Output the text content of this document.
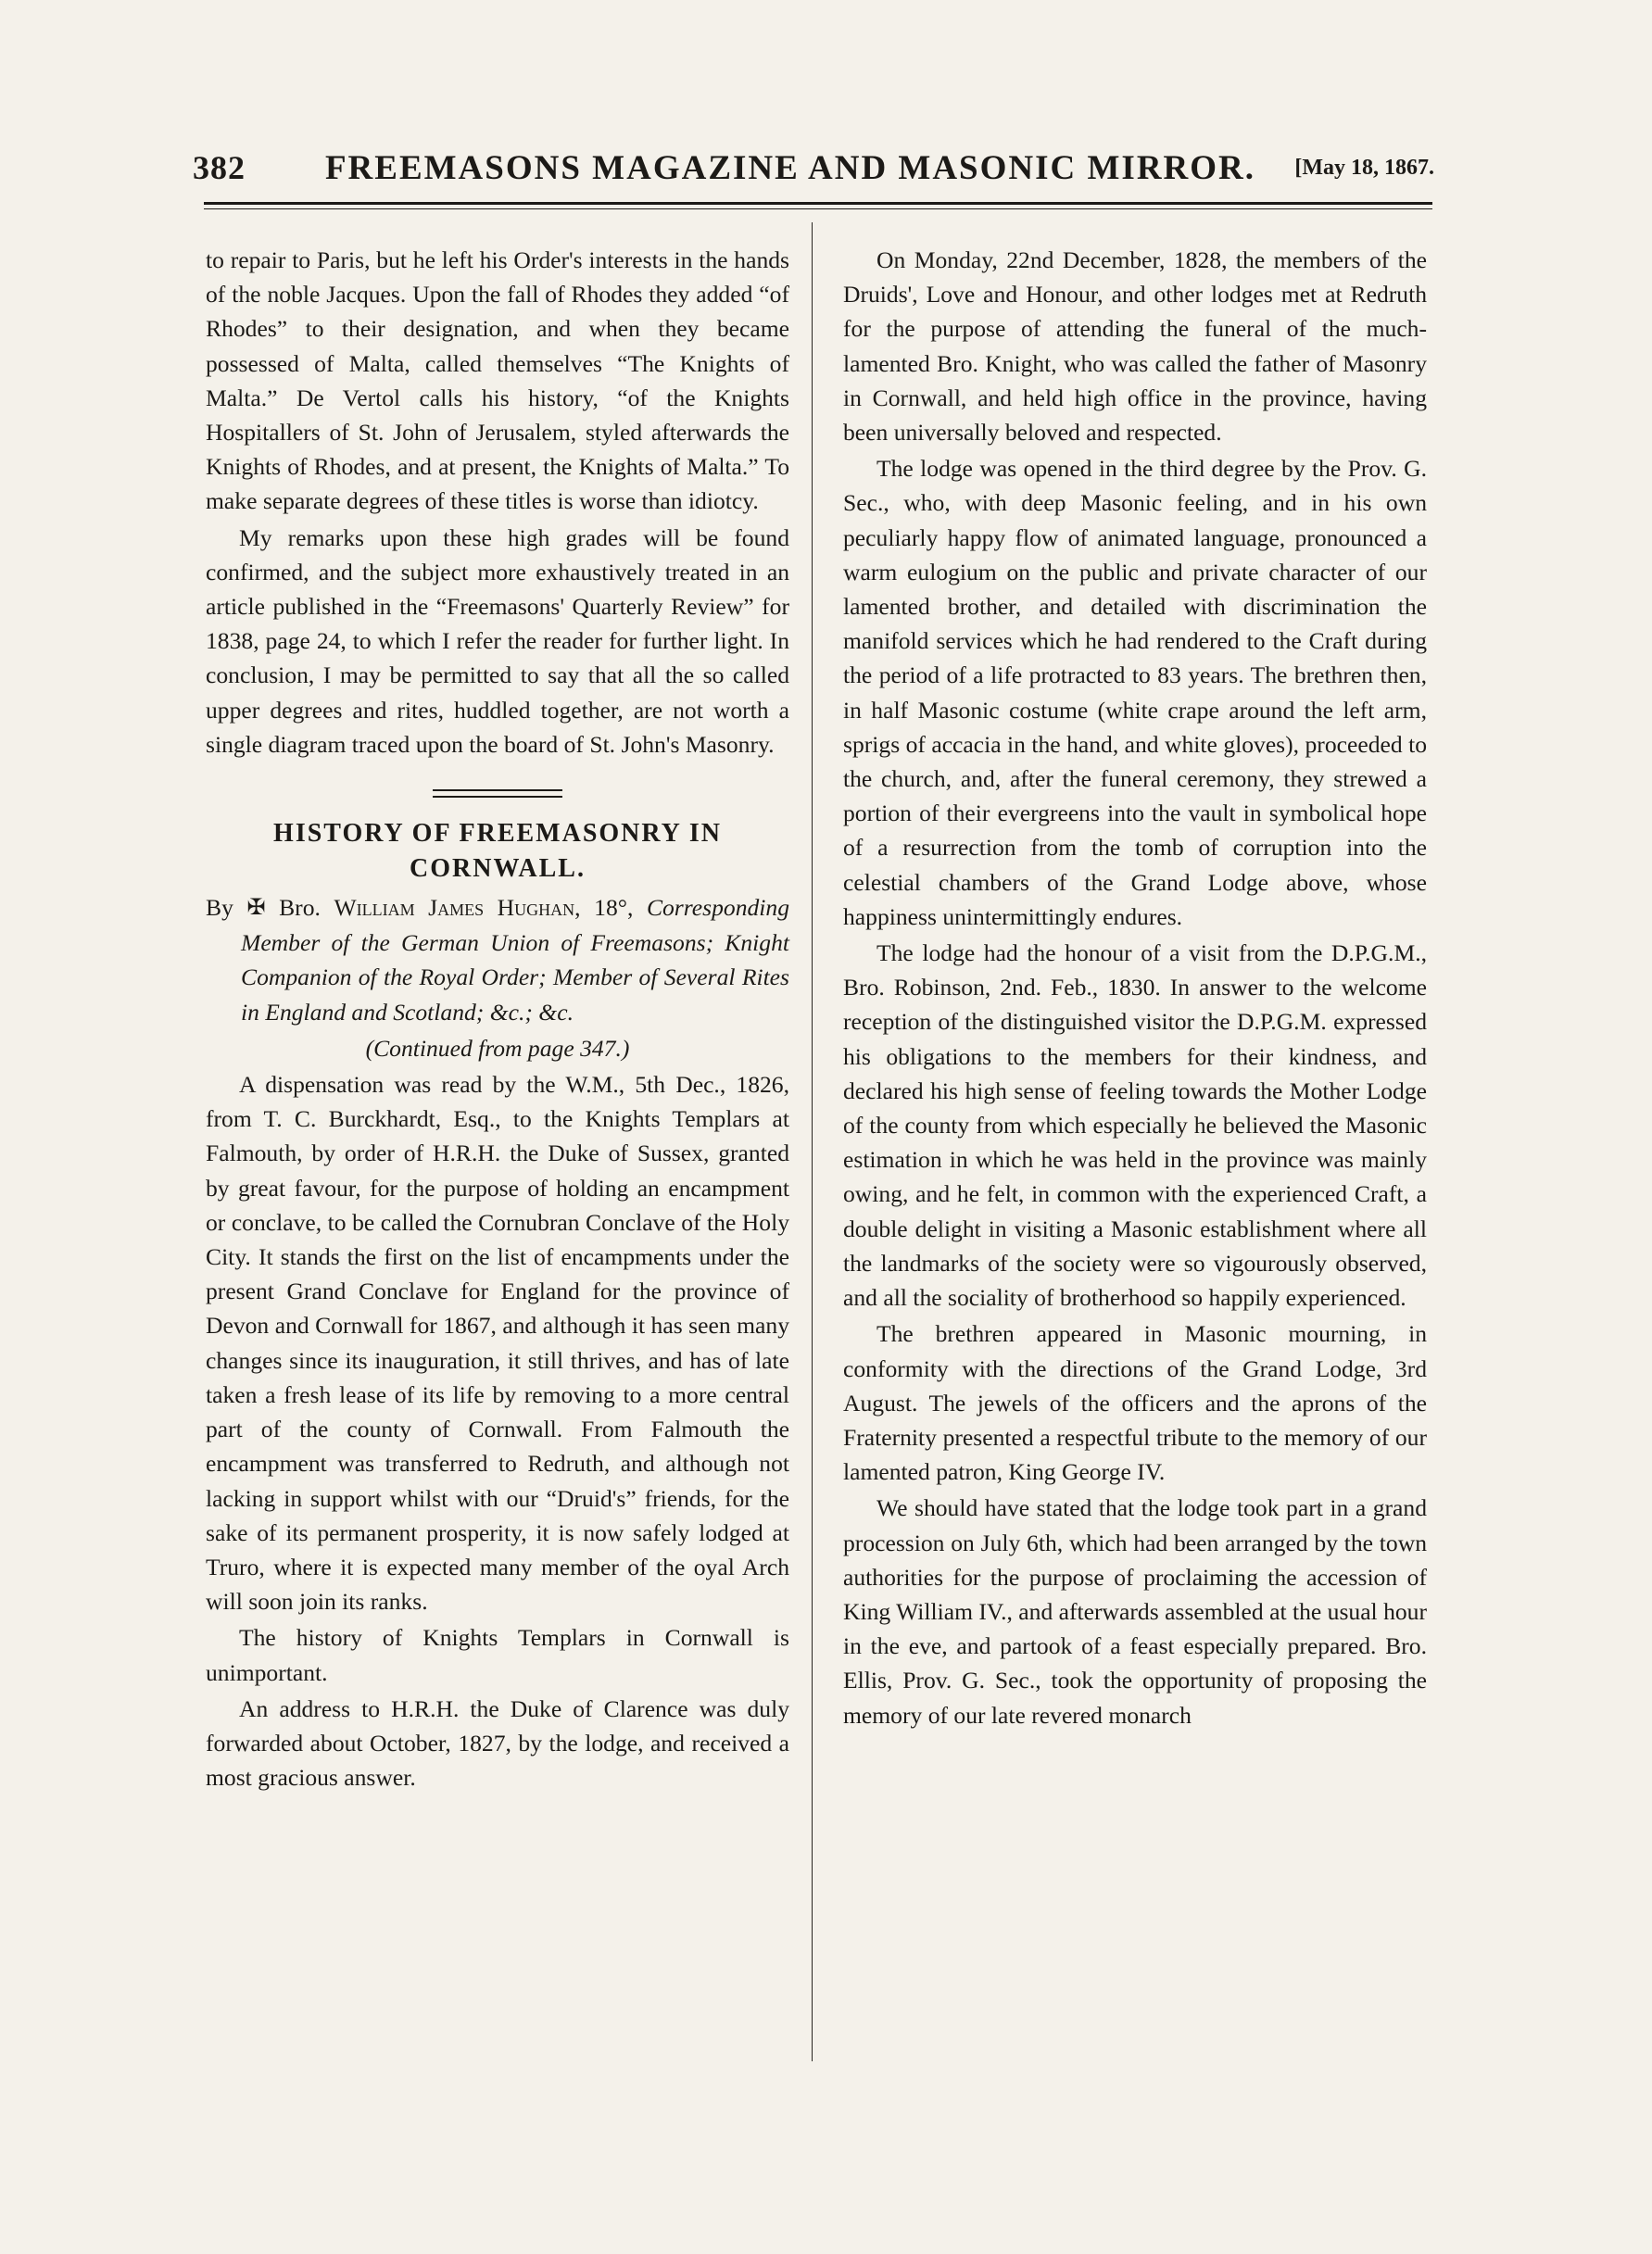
382	FREEMASONS MAGAZINE AND MASONIC MIRROR.	[May 18, 1867.

to repair to Paris, but he left his Order's interests in the hands of the noble Jacques. Upon the fall of Rhodes they added “of Rhodes” to their designation, and when they became possessed of Malta, called themselves “The Knights of Malta.” De Vertol calls his history, “of the Knights Hospitallers of St. John of Jerusalem, styled afterwards the Knights of Rhodes, and at present, the Knights of Malta.” To make separate degrees of these titles is worse than idiotcy.

My remarks upon these high grades will be found confirmed, and the subject more exhaustively treated in an article published in the “Freemasons' Quarterly Review” for 1838, page 24, to which I refer the reader for further light. In conclusion, I may be permitted to say that all the so called upper degrees and rites, huddled together, are not worth a single diagram traced upon the board of St. John's Masonry.

HISTORY OF FREEMASONRY IN CORNWALL.

By ✠ Bro. William James Hughan, 18°, Corresponding Member of the German Union of Freemasons; Knight Companion of the Royal Order; Member of Several Rites in England and Scotland; &c.; &c.

(Continued from page 347.)

A dispensation was read by the W.M., 5th Dec., 1826, from T. C. Burckhardt, Esq., to the Knights Templars at Falmouth, by order of H.R.H. the Duke of Sussex, granted by great favour, for the purpose of holding an encampment or conclave, to be called the Cornubran Conclave of the Holy City. It stands the first on the list of encampments under the present Grand Conclave for England for the province of Devon and Cornwall for 1867, and although it has seen many changes since its inauguration, it still thrives, and has of late taken a fresh lease of its life by removing to a more central part of the county of Cornwall. From Falmouth the encampment was transferred to Redruth, and although not lacking in support whilst with our “Druid's” friends, for the sake of its permanent prosperity, it is now safely lodged at Truro, where it is expected many member of the oyal Arch will soon join its ranks.

The history of Knights Templars in Cornwall is unimportant.

An address to H.R.H. the Duke of Clarence was duly forwarded about October, 1827, by the lodge, and received a most gracious answer.

On Monday, 22nd December, 1828, the members of the Druids', Love and Honour, and other lodges met at Redruth for the purpose of attending the funeral of the much-lamented Bro. Knight, who was called the father of Masonry in Cornwall, and held high office in the province, having been universally beloved and respected.

The lodge was opened in the third degree by the Prov. G. Sec., who, with deep Masonic feeling, and in his own peculiarly happy flow of animated language, pronounced a warm eulogium on the public and private character of our lamented brother, and detailed with discrimination the manifold services which he had rendered to the Craft during the period of a life protracted to 83 years. The brethren then, in half Masonic costume (white crape around the left arm, sprigs of accacia in the hand, and white gloves), proceeded to the church, and, after the funeral ceremony, they strewed a portion of their evergreens into the vault in symbolical hope of a resurrection from the tomb of corruption into the celestial chambers of the Grand Lodge above, whose happiness unintermittingly endures.

The lodge had the honour of a visit from the D.P.G.M., Bro. Robinson, 2nd. Feb., 1830. In answer to the welcome reception of the distinguished visitor the D.P.G.M. expressed his obligations to the members for their kindness, and declared his high sense of feeling towards the Mother Lodge of the county from which especially he believed the Masonic estimation in which he was held in the province was mainly owing, and he felt, in common with the experienced Craft, a double delight in visiting a Masonic establishment where all the landmarks of the society were so vigourously observed, and all the sociality of brotherhood so happily experienced.

The brethren appeared in Masonic mourning, in conformity with the directions of the Grand Lodge, 3rd August. The jewels of the officers and the aprons of the Fraternity presented a respectful tribute to the memory of our lamented patron, King George IV.

We should have stated that the lodge took part in a grand procession on July 6th, which had been arranged by the town authorities for the purpose of proclaiming the accession of King William IV., and afterwards assembled at the usual hour in the eve, and partook of a feast especially prepared. Bro. Ellis, Prov. G. Sec., took the opportunity of proposing the memory of our late revered monarch
